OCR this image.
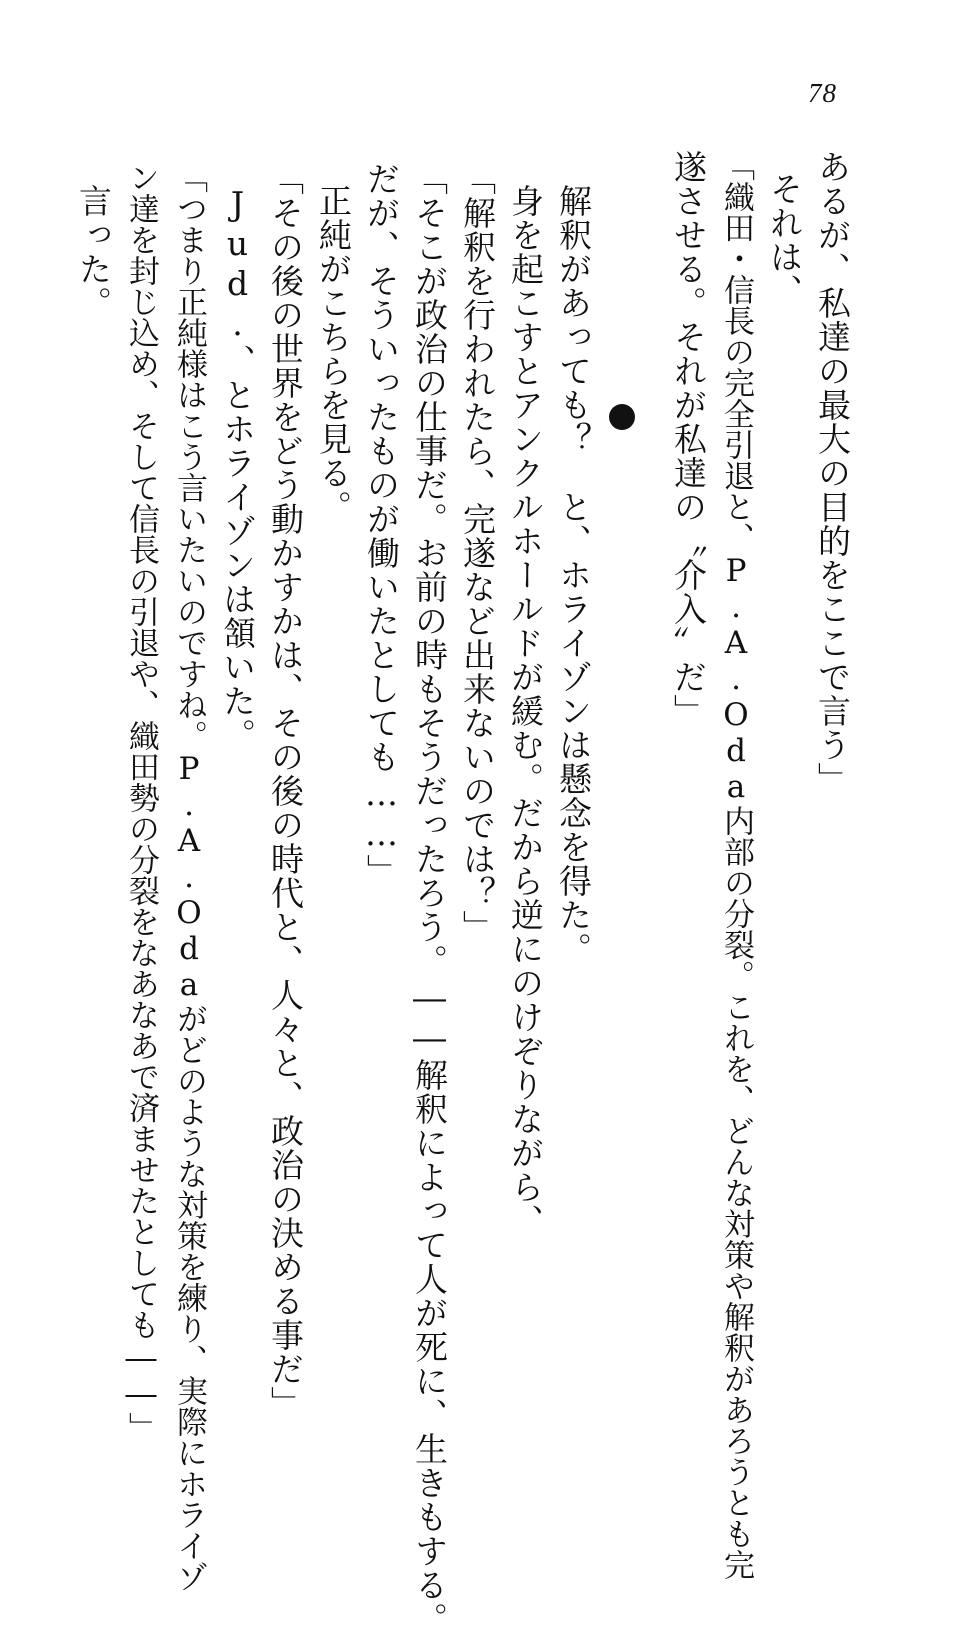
78
あるが、私達の最大の目的をここで言う」
それは、
「織田・信長の完全引退と、P.A.Oda内部の分裂。これを、どんな対策や解釈があろうとも完
遂させる。それが私達の〝介入〟だ」
解釈があっても？　と、ホライゾンは懸念を得た。
身を起こすとアンクルホールドが緩む。だから逆にのけぞりながら、
「解釈を行われたら、完遂など出来ないのでは？」
「そこが政治の仕事だ。お前の時もそうだったろう。――解釈によって人が死に、生きもする。
だが、そういったものが働いたとしても……」
正純がこちらを見る。
「その後の世界をどう動かすかは、その後の時代と、人々と、政治の決める事だ」
Jud.、とホライゾンは頷いた。
「つまり正純様はこう言いたいのですね。P.A.Odaがどのような対策を練り、実際にホライゾ
ン達を封じ込め、そして信長の引退や、織田勢の分裂をなあなあで済ませたとしても――」
言った。
